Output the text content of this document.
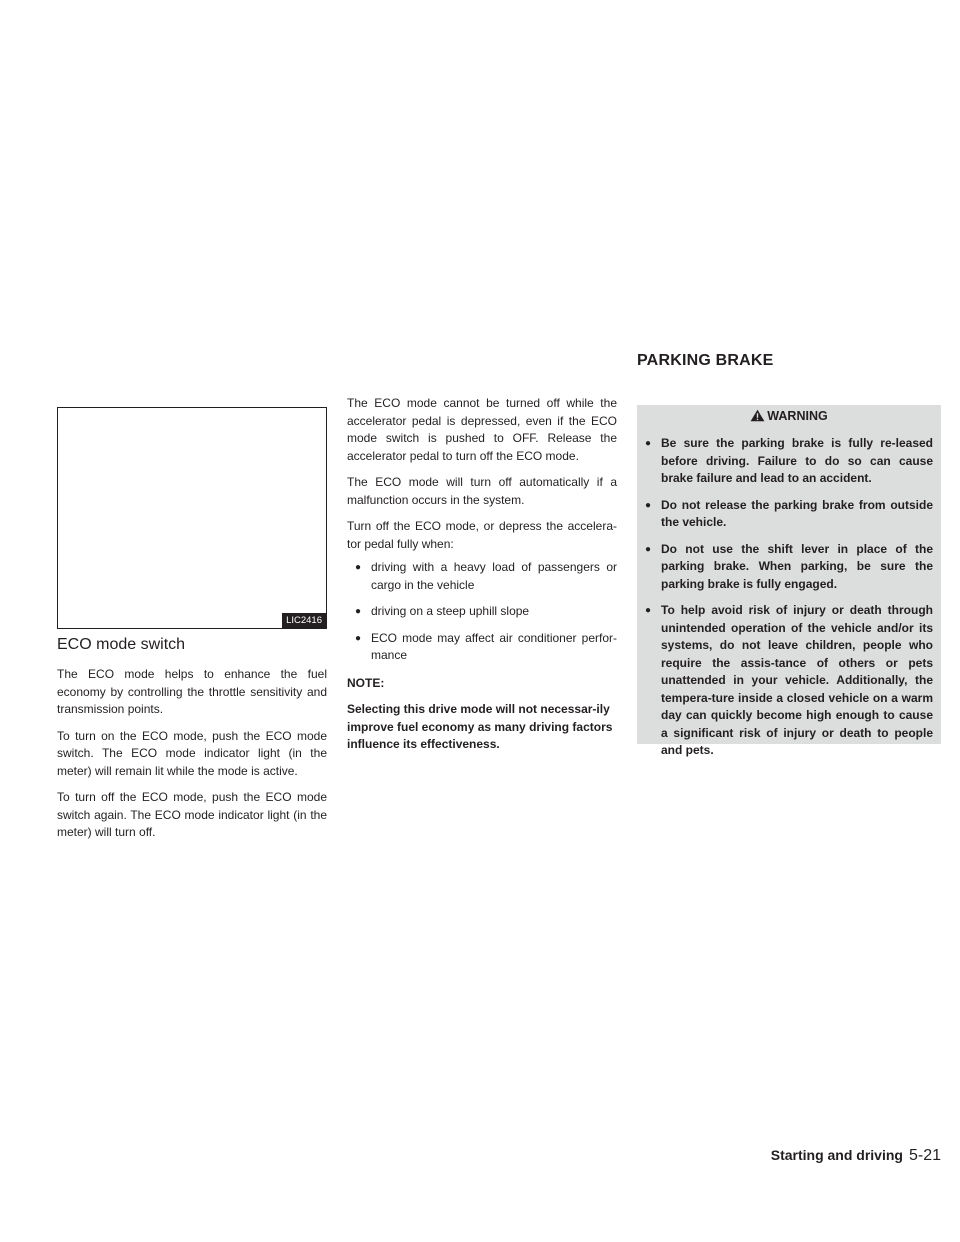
LIC2416
ECO mode switch

The ECO mode helps to enhance the fuel economy by controlling the throttle sensitivity and transmission points.

To turn on the ECO mode, push the ECO mode switch. The ECO mode indicator light (in the meter) will remain lit while the mode is active.

To turn off the ECO mode, push the ECO mode switch again. The ECO mode indicator light (in the meter) will turn off.

The ECO mode cannot be turned off while the accelerator pedal is depressed, even if the ECO mode switch is pushed to OFF. Release the accelerator pedal to turn off the ECO mode.

The ECO mode will turn off automatically if a malfunction occurs in the system.

Turn off the ECO mode, or depress the accelera-tor pedal fully when:

● driving with a heavy load of passengers or cargo in the vehicle
● driving on a steep uphill slope
● ECO mode may affect air conditioner perfor-mance

NOTE:

Selecting this drive mode will not necessar-ily improve fuel economy as many driving factors influence its effectiveness.

PARKING BRAKE
WARNING
● Be sure the parking brake is fully re-leased before driving. Failure to do so can cause brake failure and lead to an accident.
● Do not release the parking brake from outside the vehicle.
● Do not use the shift lever in place of the parking brake. When parking, be sure the parking brake is fully engaged.
● To help avoid risk of injury or death through unintended operation of the vehicle and/or its systems, do not leave children, people who require the assis-tance of others or pets unattended in your vehicle. Additionally, the tempera-ture inside a closed vehicle on a warm day can quickly become high enough to cause a significant risk of injury or death to people and pets.
Starting and driving 5-21
